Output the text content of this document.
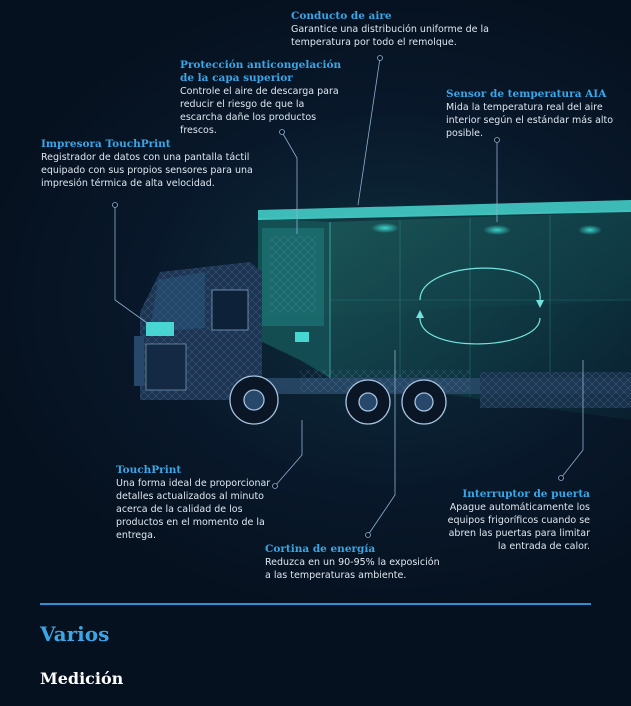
Conducto de aire
Garantice una distribución uniforme de la temperatura por todo el remolque.
Protección anticongelación
de la capa superior
Controle el aire de descarga para reducir el riesgo de que la escarcha dañe los productos frescos.
Sensor de temperatura AIA
Mida la temperatura real del aire interior según el estándar más alto posible.
Impresora TouchPrint
Registrador de datos con una pantalla táctil equipado con sus propios sensores para una impresión térmica de alta velocidad.
TouchPrint
Una forma ideal de proporcionar detalles actualizados al minuto acerca de la calidad de los productos en el momento de la entrega.
Interruptor de puerta
Apague automáticamente los equipos frigoríficos cuando se abren las puertas para limitar la entrada de calor.
Cortina de energía
Reduzca en un 90-95% la exposición a las temperaturas ambiente.
Varios
Medición
